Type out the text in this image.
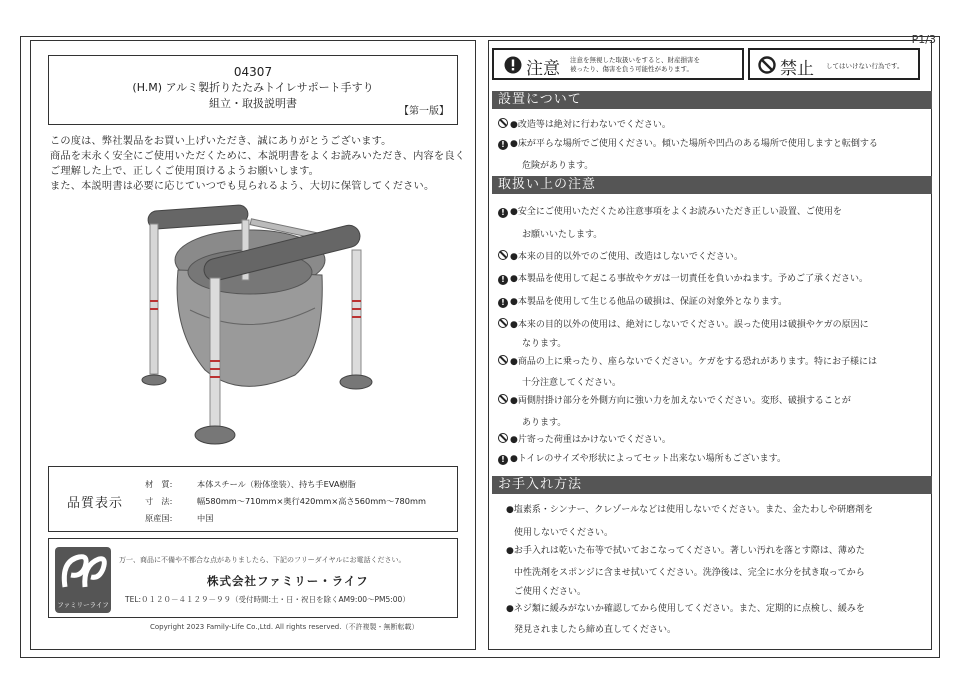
P1/3
04307
(H.M) アルミ製折りたたみトイレサポート手すり
組立・取扱説明書
【第一版】
この度は、弊社製品をお買い上げいただき、誠にありがとうございます。
商品を末永く安全にご使用いただくために、本説明書をよくお読みいただき、内容を良く
ご理解した上で、正しくご使用頂けるようお願いします。
また、本説明書は必要に応じていつでも見られるよう、大切に保管してください。
品質表示
材　質:	本体スチール（粉体塗装）、持ち手EVA樹脂
寸　法:	幅580mm〜710mm×奥行420mm×高さ560mm〜780mm
原産国:	中国
ファミリーライフ
万一、商品に不備や不都合な点がありましたら、下記のフリーダイヤルにお電話ください。
株式会社ファミリー・ライフ
TEL:０１２０－４１２９－９９（受付時間:土・日・祝日を除くAM9:00〜PM5:00）
Copyright 2023 Family-Life Co.,Ltd. All rights reserved.（不許複製・無断転載）
注意 注意を無視した取扱いをすると、財産損害を
被ったり、傷害を負う可能性があります。	禁止 してはいけない行為です。
設置について
●改造等は絶対に行わないでください。
! ●床が平らな場所でご使用ください。傾いた場所や凹凸のある場所で使用しますと転倒する
危険があります。
取扱い上の注意
! ●安全にご使用いただくため注意事項をよくお読みいただき正しい設置、ご使用を
お願いいたします。
●本来の目的以外でのご使用、改造はしないでください。
! ●本製品を使用して起こる事故やケガは一切責任を負いかねます。予めご了承ください。
! ●本製品を使用して生じる他品の破損は、保証の対象外となります。
●本来の目的以外の使用は、絶対にしないでください。誤った使用は破損やケガの原因に
なります。
●商品の上に乗ったり、座らないでください。ケガをする恐れがあります。特にお子様には
十分注意してください。
●両側肘掛け部分を外側方向に強い力を加えないでください。変形、破損することが
あります。
●片寄った荷重はかけないでください。
! ●トイレのサイズや形状によってセット出来ない場所もございます。
お手入れ方法
●塩素系・シンナー、クレゾールなどは使用しないでください。また、金たわしや研磨剤を
使用しないでください。
●お手入れは乾いた布等で拭いておこなってください。著しい汚れを落とす際は、薄めた
中性洗剤をスポンジに含ませ拭いてください。洗浄後は、完全に水分を拭き取ってから
ご使用ください。
●ネジ類に緩みがないか確認してから使用してください。また、定期的に点検し、緩みを
発見されましたら締め直してください。
